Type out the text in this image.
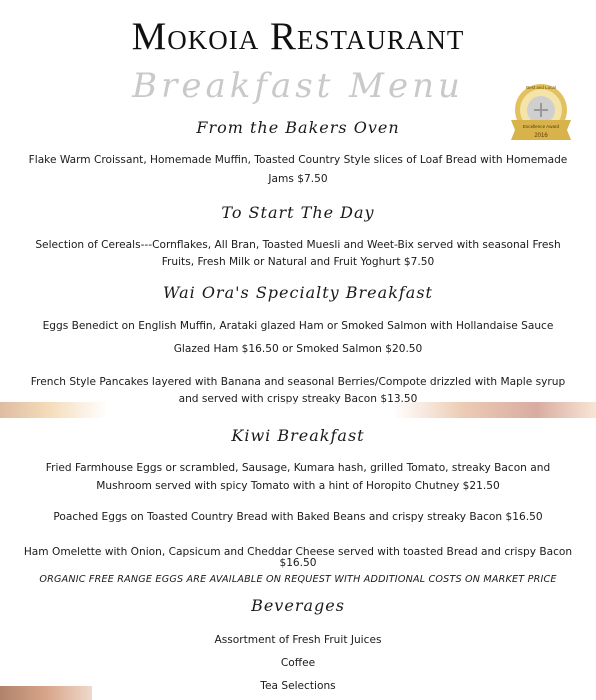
Mokoia Restaurant
Breakfast Menu	Best and Local
Excellence Award
2016
From the Bakers Oven
Flake Warm Croissant, Homemade Muffin, Toasted Country Style slices of Loaf Bread with Homemade
Jams $7.50
To Start The Day
Selection of Cereals---Cornflakes, All Bran, Toasted Muesli and Weet-Bix served with seasonal Fresh
Fruits, Fresh Milk or Natural and Fruit Yoghurt $7.50
Wai Ora's Specialty Breakfast
Eggs Benedict on English Muffin, Arataki glazed Ham or Smoked Salmon with Hollandaise Sauce
Glazed Ham $16.50 or Smoked Salmon $20.50
French Style Pancakes layered with Banana and seasonal Berries/Compote drizzled with Maple syrup
and served with crispy streaky Bacon $13.50
Kiwi Breakfast
Fried Farmhouse Eggs or scrambled, Sausage, Kumara hash, grilled Tomato, streaky Bacon and
Mushroom served with spicy Tomato with a hint of Horopito Chutney $21.50
Poached Eggs on Toasted Country Bread with Baked Beans and crispy streaky Bacon $16.50
Ham Omelette with Onion, Capsicum and Cheddar Cheese served with toasted Bread and crispy Bacon
$16.50
ORGANIC FREE RANGE EGGS ARE AVAILABLE ON REQUEST WITH ADDITIONAL COSTS ON MARKET PRICE
Beverages
Assortment of Fresh Fruit Juices
Coffee
Tea Selections
